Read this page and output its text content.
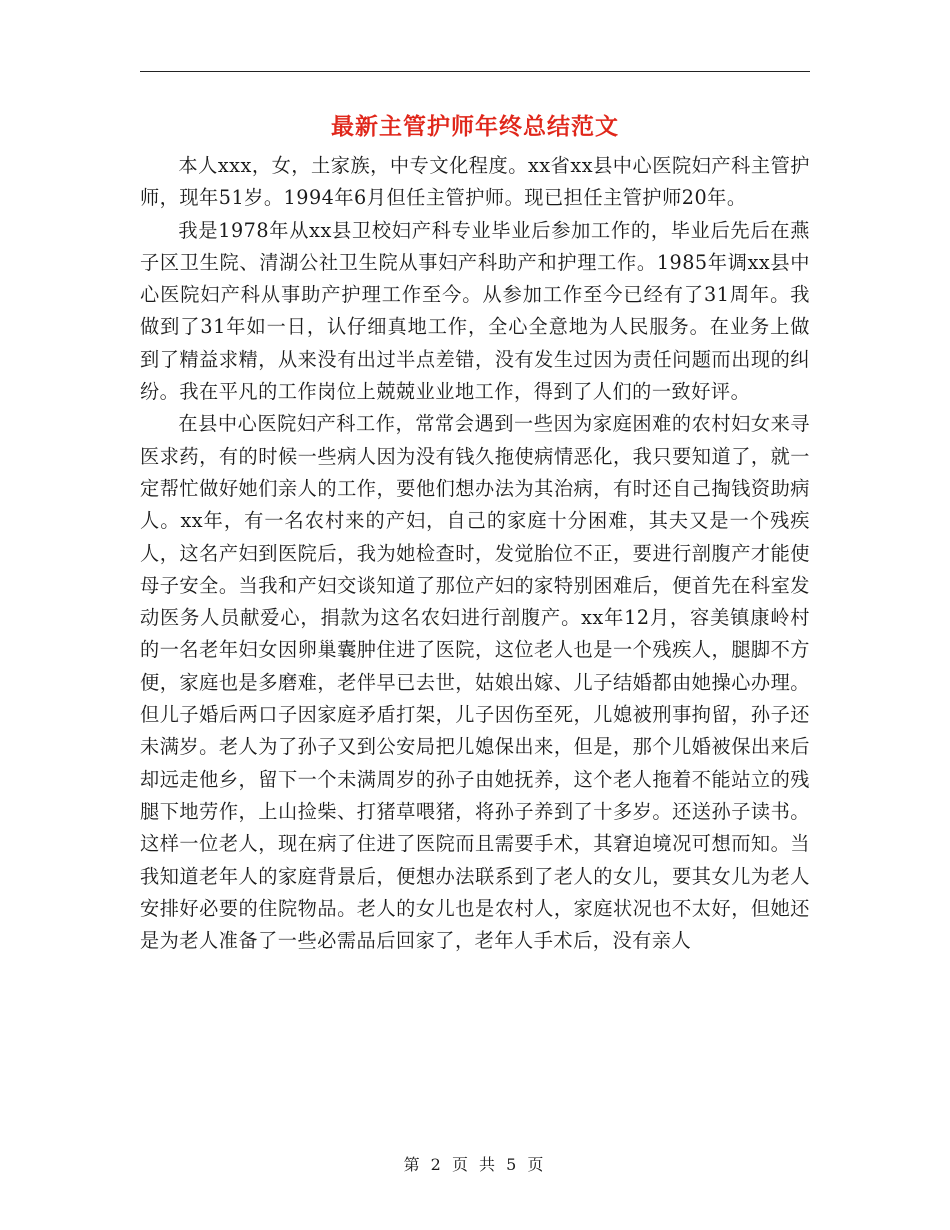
最新主管护师年终总结范文

本人xxx，女，土家族，中专文化程度。xx省xx县中心医院妇产科主管护师，现年51岁。1994年6月但任主管护师。现已担任主管护师20年。

我是1978年从xx县卫校妇产科专业毕业后参加工作的，毕业后先后在燕子区卫生院、清湖公社卫生院从事妇产科助产和护理工作。1985年调xx县中心医院妇产科从事助产护理工作至今。从参加工作至今已经有了31周年。我做到了31年如一日，认仔细真地工作，全心全意地为人民服务。在业务上做到了精益求精，从来没有出过半点差错，没有发生过因为责任问题而出现的纠纷。我在平凡的工作岗位上兢兢业业地工作，得到了人们的一致好评。

在县中心医院妇产科工作，常常会遇到一些因为家庭困难的农村妇女来寻医求药，有的时候一些病人因为没有钱久拖使病情恶化，我只要知道了，就一定帮忙做好她们亲人的工作，要他们想办法为其治病，有时还自己掏钱资助病人。xx年，有一名农村来的产妇，自己的家庭十分困难，其夫又是一个残疾人，这名产妇到医院后，我为她检查时，发觉胎位不正，要进行剖腹产才能使母子安全。当我和产妇交谈知道了那位产妇的家特别困难后，便首先在科室发动医务人员献爱心，捐款为这名农妇进行剖腹产。xx年12月，容美镇康岭村的一名老年妇女因卵巢囊肿住进了医院，这位老人也是一个残疾人，腿脚不方便，家庭也是多磨难，老伴早已去世，姑娘出嫁、儿子结婚都由她操心办理。但儿子婚后两口子因家庭矛盾打架，儿子因伤至死，儿媳被刑事拘留，孙子还未满岁。老人为了孙子又到公安局把儿媳保出来，但是，那个儿婚被保出来后却远走他乡，留下一个未满周岁的孙子由她抚养，这个老人拖着不能站立的残腿下地劳作，上山捡柴、打猪草喂猪，将孙子养到了十多岁。还送孙子读书。这样一位老人，现在病了住进了医院而且需要手术，其窘迫境况可想而知。当我知道老年人的家庭背景后，便想办法联系到了老人的女儿，要其女儿为老人安排好必要的住院物品。老人的女儿也是农村人，家庭状况也不太好，但她还是为老人准备了一些必需品后回家了，老年人手术后，没有亲人

第 2 页 共 5 页
